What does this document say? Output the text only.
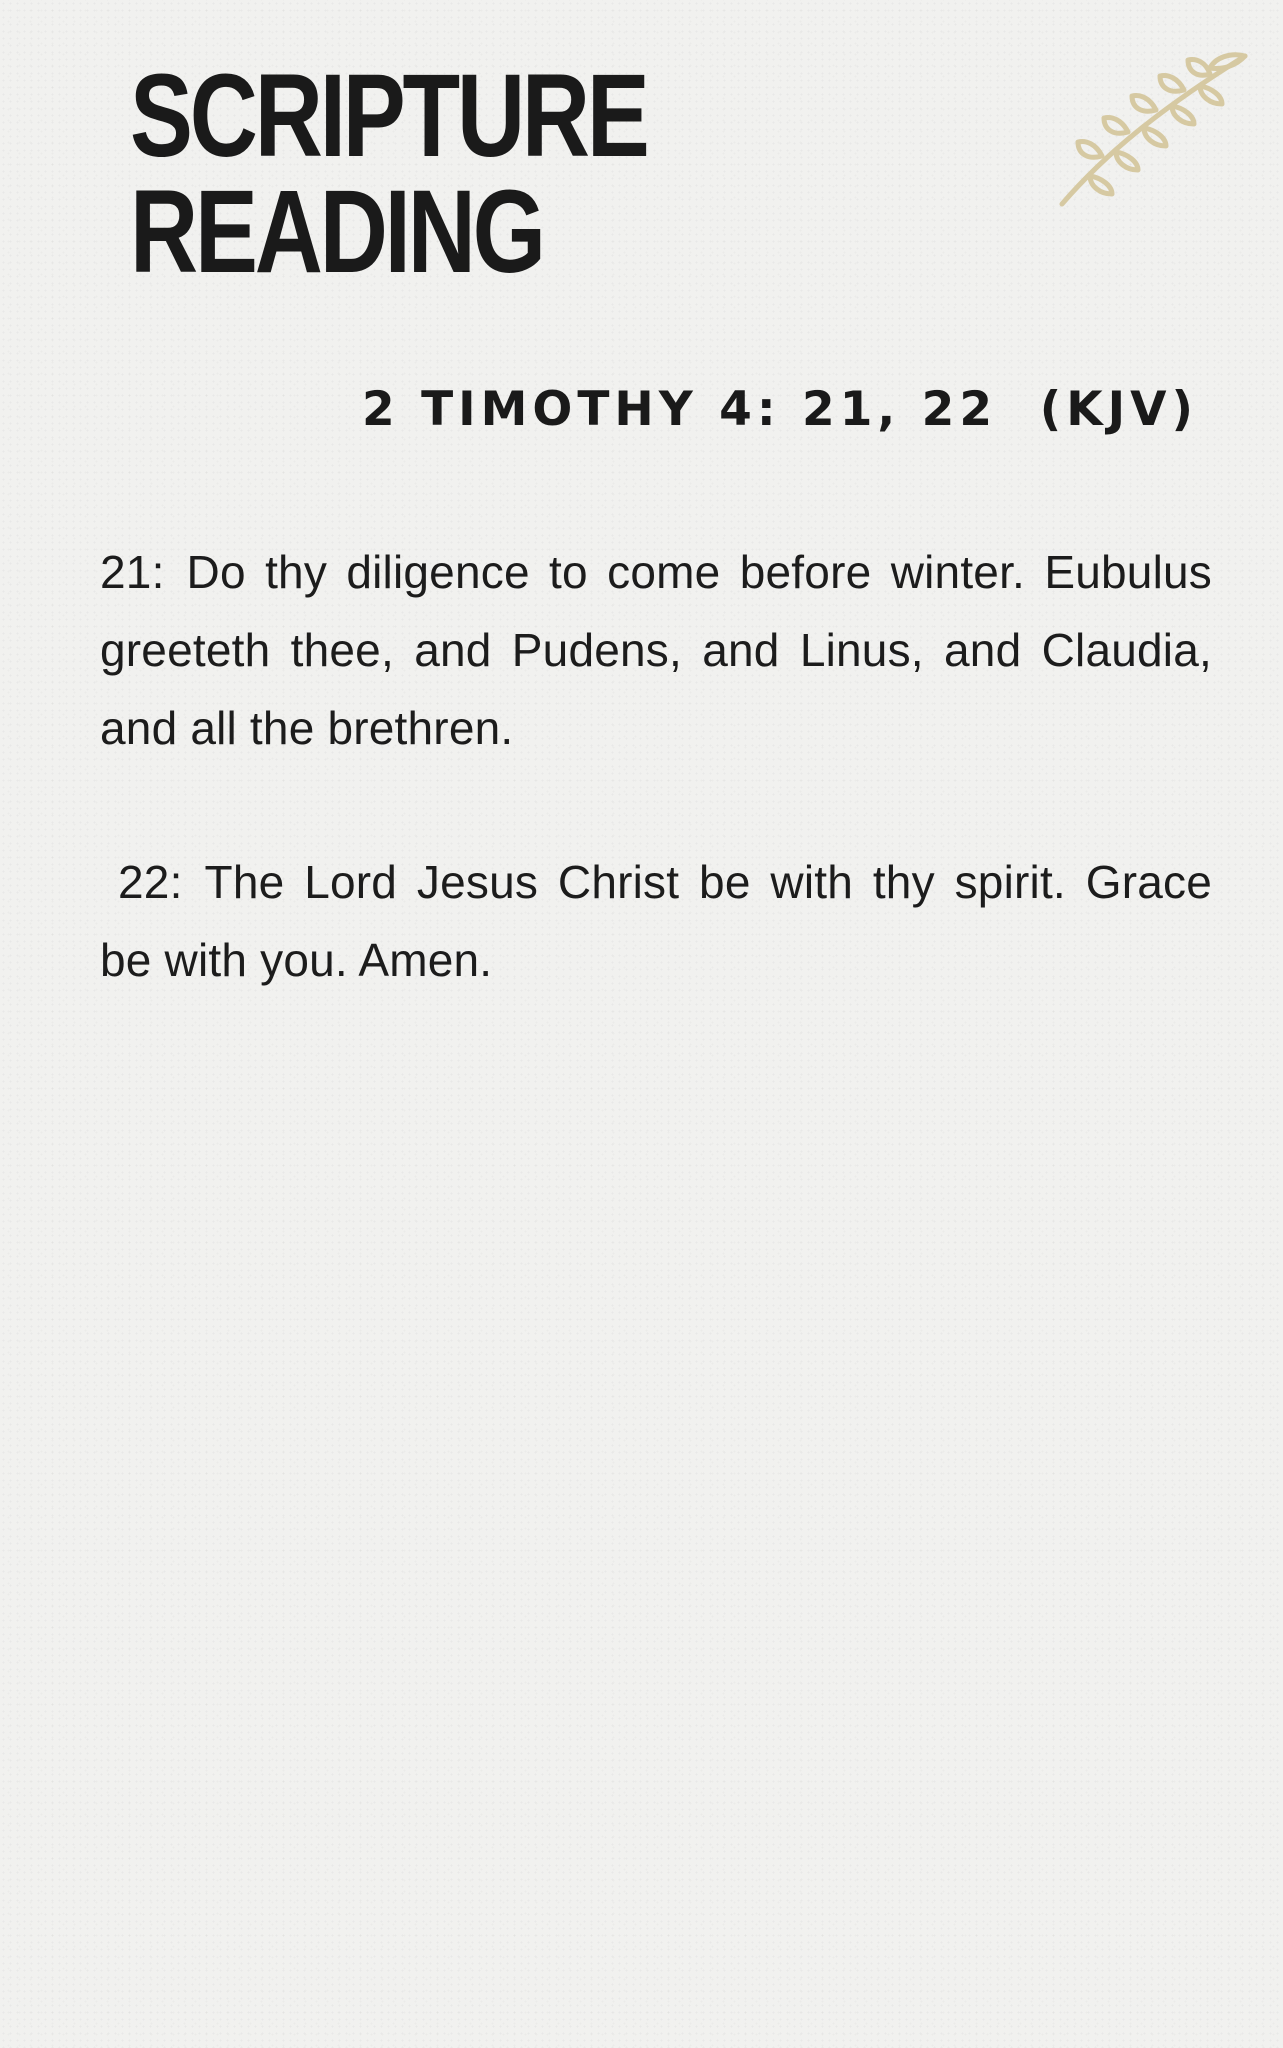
SCRIPTURE
READING
2 TIMOTHY 4: 21, 22  (KJV)

21: Do thy diligence to come before winter. Eubulus greeteth thee, and Pudens, and Linus, and Claudia, and all the brethren.

22: The Lord Jesus Christ be with thy spirit. Grace be with you. Amen.
